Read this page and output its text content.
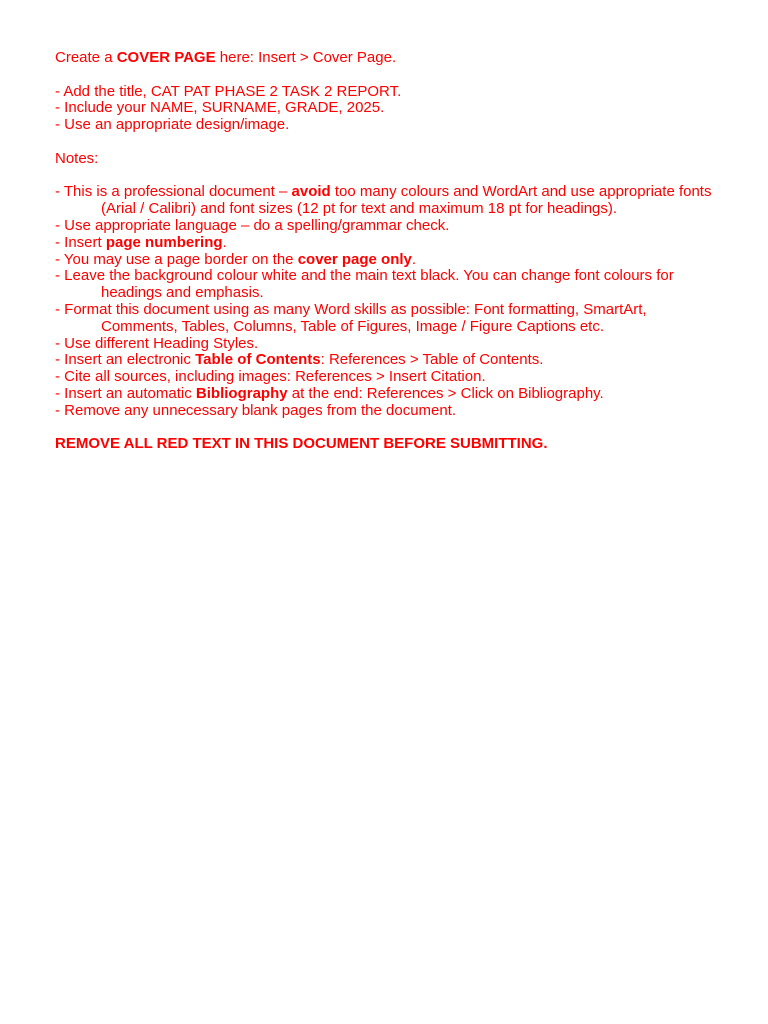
Create a COVER PAGE here: Insert > Cover Page.

- Add the title, CAT PAT PHASE 2 TASK 2 REPORT.

- Include your NAME, SURNAME, GRADE, 2025.

- Use an appropriate design/image.

Notes:

- This is a professional document – avoid too many colours and WordArt and use appropriate fonts (Arial / Calibri) and font sizes (12 pt for text and maximum 18 pt for headings).

- Use appropriate language – do a spelling/grammar check.

- Insert page numbering.

- You may use a page border on the cover page only.

- Leave the background colour white and the main text black. You can change font colours for headings and emphasis.

- Format this document using as many Word skills as possible: Font formatting, SmartArt, Comments, Tables, Columns, Table of Figures, Image / Figure Captions etc.

- Use different Heading Styles.

- Insert an electronic Table of Contents: References > Table of Contents.

- Cite all sources, including images: References > Insert Citation.

- Insert an automatic Bibliography at the end: References > Click on Bibliography.

- Remove any unnecessary blank pages from the document.

REMOVE ALL RED TEXT IN THIS DOCUMENT BEFORE SUBMITTING.
